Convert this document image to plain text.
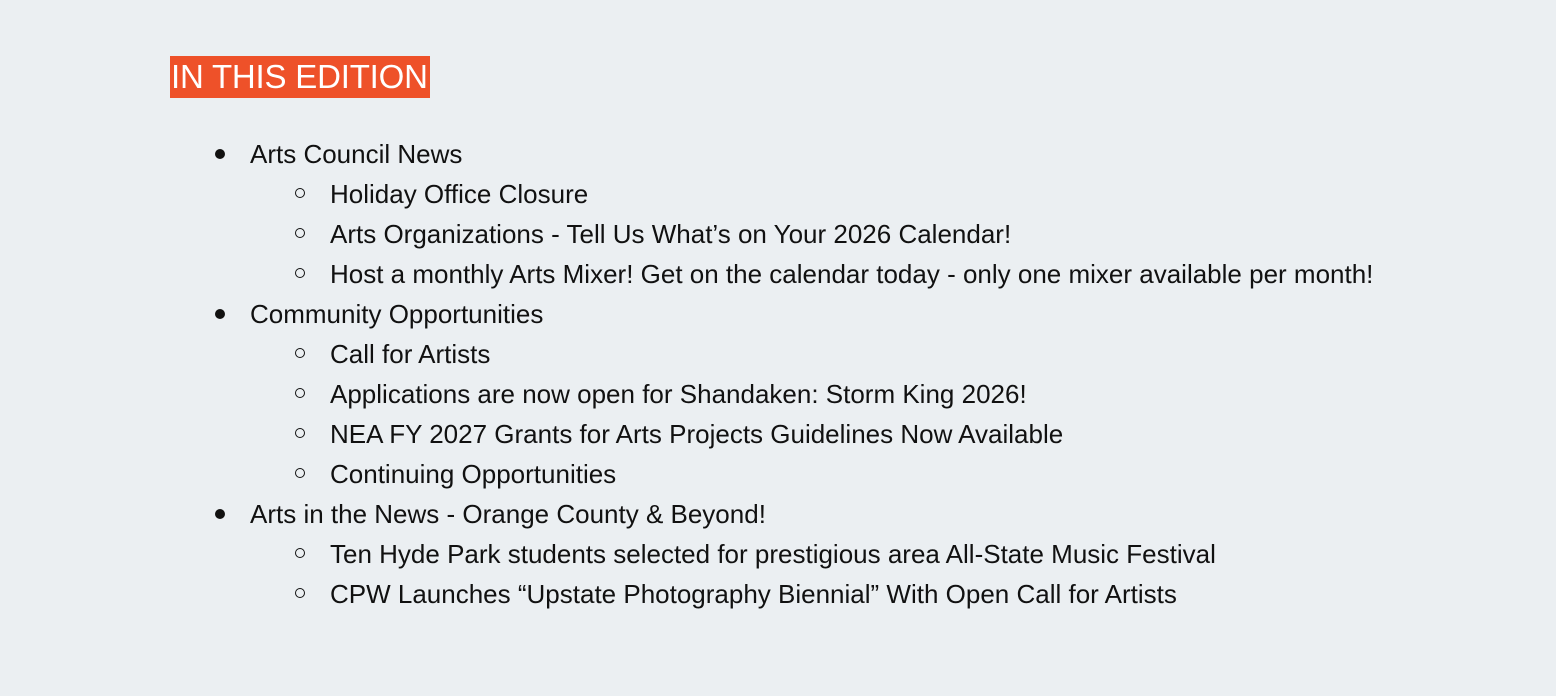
IN THIS EDITION
Arts Council News
Holiday Office Closure
Arts Organizations - Tell Us What’s on Your 2026 Calendar!
Host a monthly Arts Mixer! Get on the calendar today - only one mixer available per month!
Community Opportunities
Call for Artists
Applications are now open for Shandaken: Storm King 2026!
NEA FY 2027 Grants for Arts Projects Guidelines Now Available
Continuing Opportunities
Arts in the News - Orange County & Beyond!
Ten Hyde Park students selected for prestigious area All-State Music Festival
CPW Launches “Upstate Photography Biennial” With Open Call for Artists
